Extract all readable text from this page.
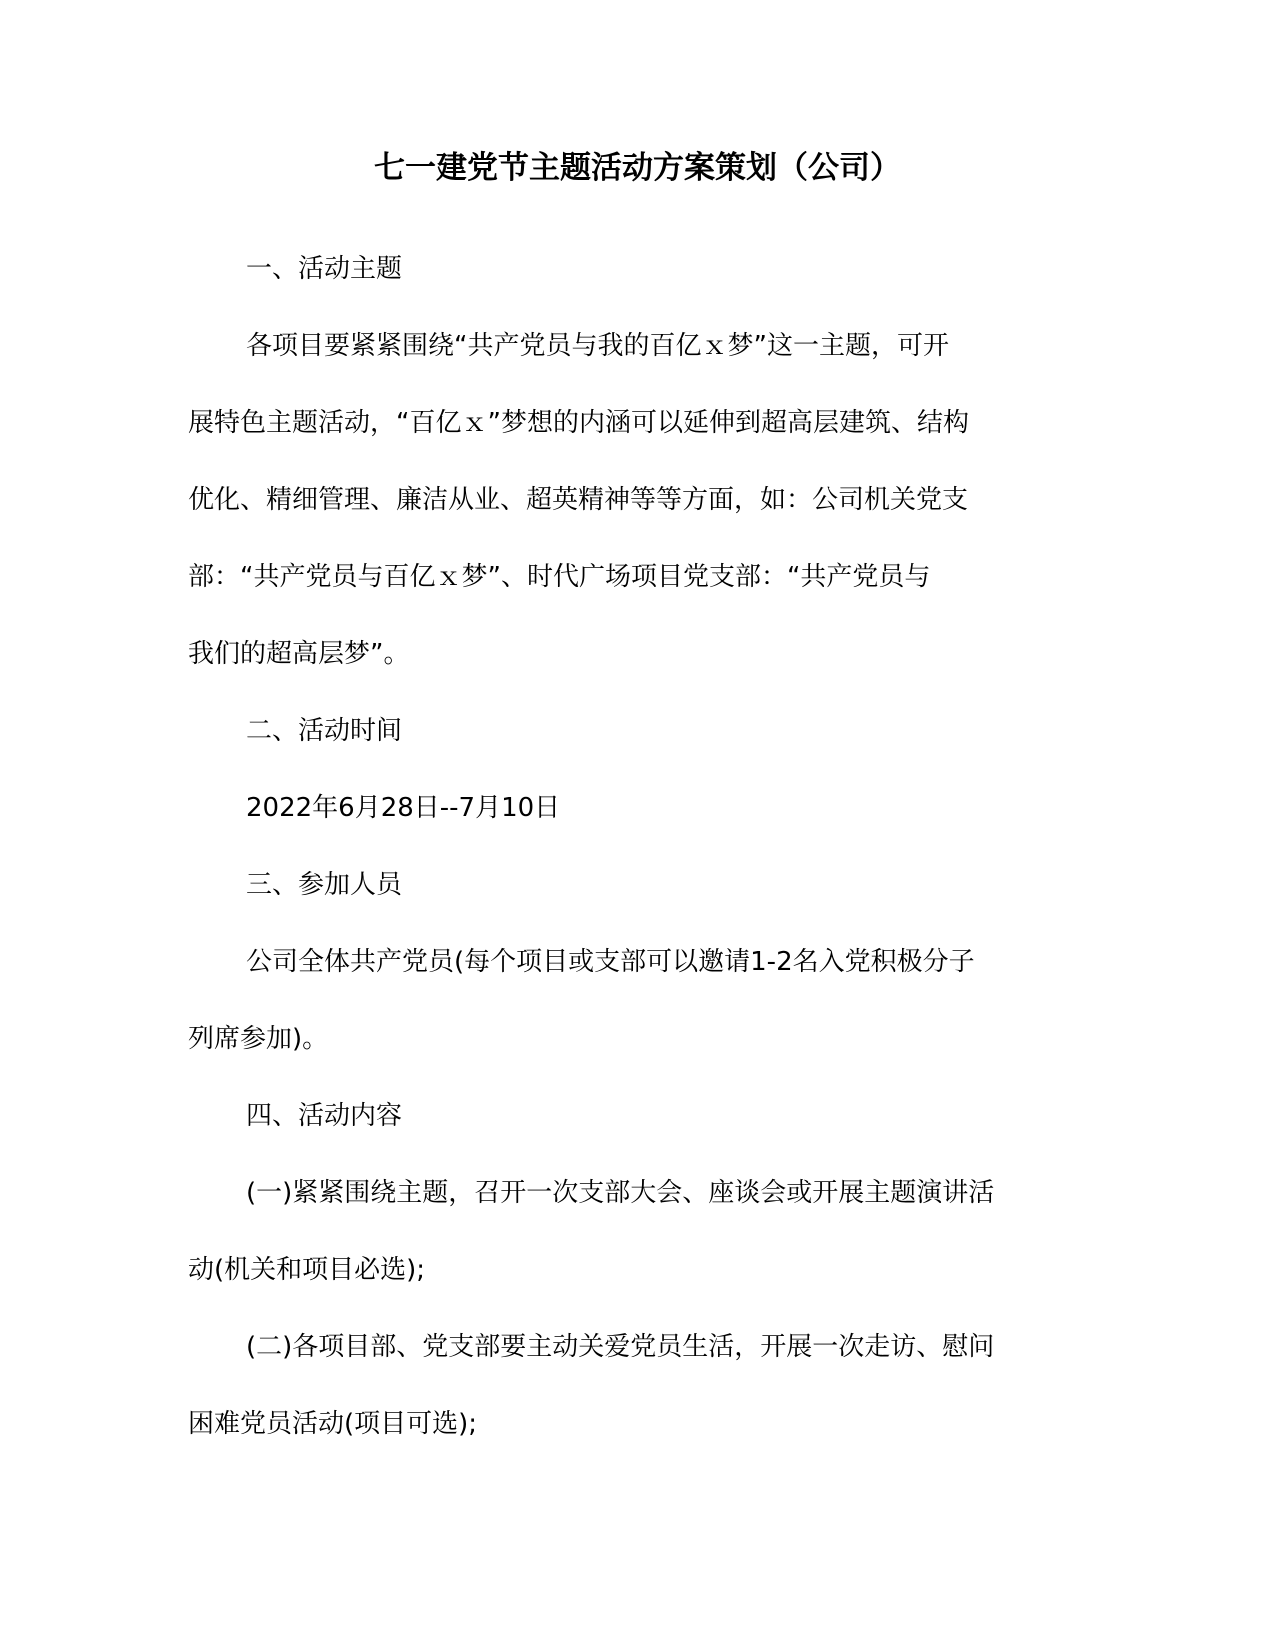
七一建党节主题活动方案策划（公司）

一、活动主题

各项目要紧紧围绕“共产党员与我的百亿ｘ梦”这一主题，可开

展特色主题活动，“百亿ｘ”梦想的内涵可以延伸到超高层建筑、结构

优化、精细管理、廉洁从业、超英精神等等方面，如：公司机关党支

部：“共产党员与百亿ｘ梦”、时代广场项目党支部：“共产党员与

我们的超高层梦”。

二、活动时间

2022年6月28日--7月10日

三、参加人员

公司全体共产党员(每个项目或支部可以邀请1-2名入党积极分子

列席参加)。

四、活动内容

(一)紧紧围绕主题，召开一次支部大会、座谈会或开展主题演讲活

动(机关和项目必选);

(二)各项目部、党支部要主动关爱党员生活，开展一次走访、慰问

困难党员活动(项目可选);
